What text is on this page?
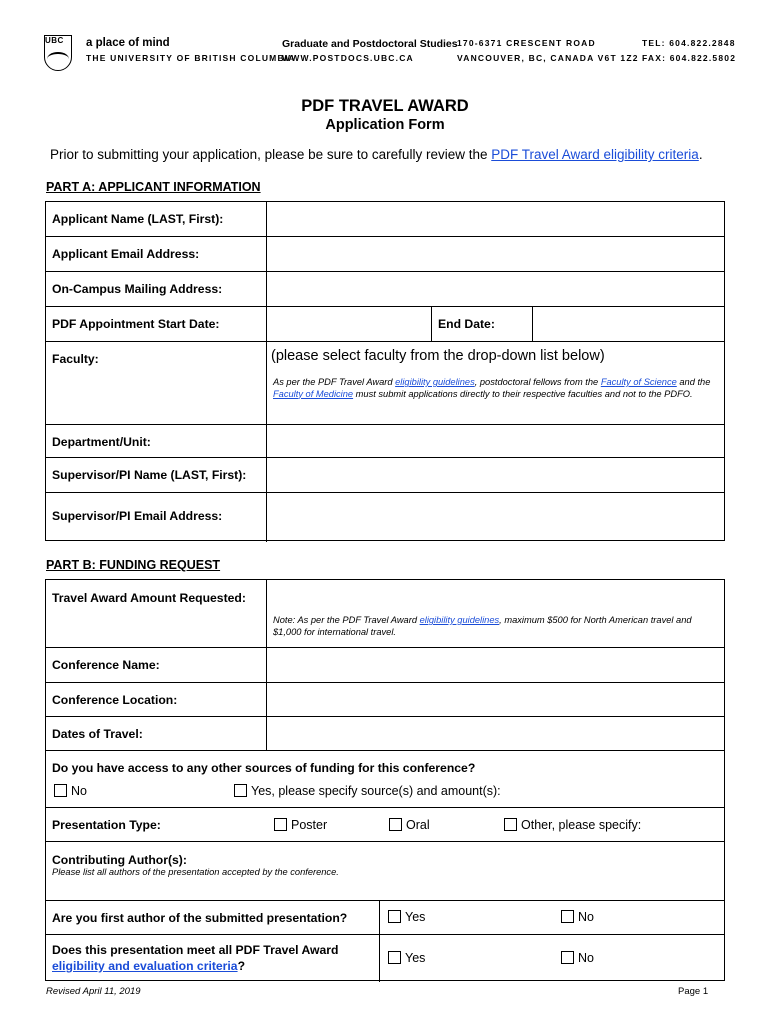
UBC a place of mind
THE UNIVERSITY OF BRITISH COLUMBIA
Graduate and Postdoctoral Studies
WWW.POSTDOCS.UBC.CA
170-6371 CRESCENT ROAD
VANCOUVER, BC, CANADA V6T 1Z2
TEL: 604.822.2848
FAX: 604.822.5802
PDF TRAVEL AWARD
Application Form
Prior to submitting your application, please be sure to carefully review the PDF Travel Award eligibility criteria.
PART A: APPLICANT INFORMATION
Applicant Name (LAST, First):
Applicant Email Address:
On-Campus Mailing Address:
PDF Appointment Start Date:	End Date:
Faculty:	(please select faculty from the drop-down list below)
As per the PDF Travel Award eligibility guidelines, postdoctoral fellows from the Faculty of Science and the Faculty of Medicine must submit applications directly to their respective faculties and not to the PDFO.
Department/Unit:
Supervisor/PI Name (LAST, First):
Supervisor/PI Email Address:
PART B: FUNDING REQUEST
Travel Award Amount Requested:
Note: As per the PDF Travel Award eligibility guidelines, maximum $500 for North American travel and $1,000 for international travel.
Conference Name:
Conference Location:
Dates of Travel:
Do you have access to any other sources of funding for this conference?
No	Yes, please specify source(s) and amount(s):
Presentation Type:	Poster	Oral	Other, please specify:
Contributing Author(s):
Please list all authors of the presentation accepted by the conference.
Are you first author of the submitted presentation?	Yes	No
Does this presentation meet all PDF Travel Award
eligibility and evaluation criteria?
Yes	No
Revised April 11, 2019	Page 1
